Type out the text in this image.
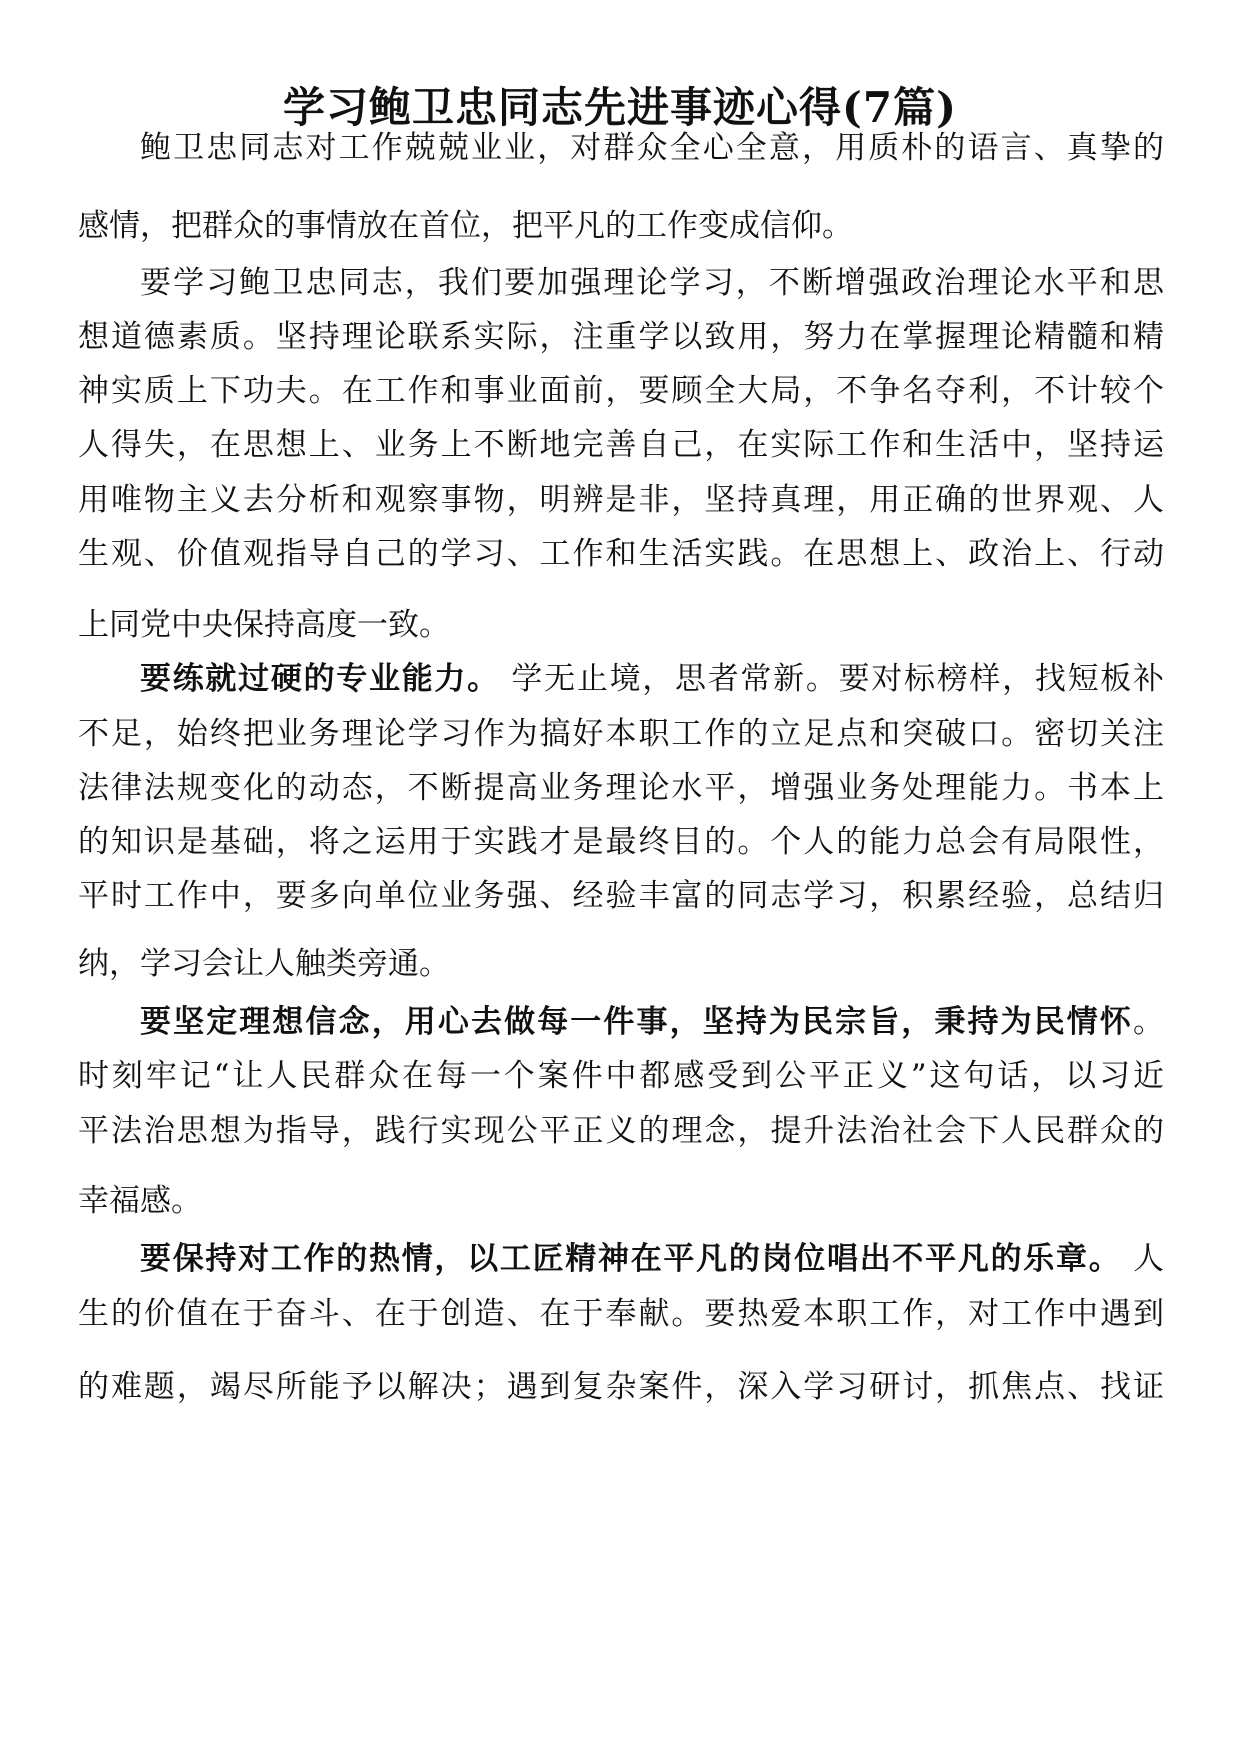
学习鲍卫忠同志先进事迹心得(7篇)
鲍卫忠同志对工作兢兢业业，对群众全心全意，用质朴的语言、真挚的
感情，把群众的事情放在首位，把平凡的工作变成信仰。
要学习鲍卫忠同志，我们要加强理论学习，不断增强政治理论水平和思
想道德素质。坚持理论联系实际，注重学以致用，努力在掌握理论精髓和精
神实质上下功夫。在工作和事业面前，要顾全大局，不争名夺利，不计较个
人得失，在思想上、业务上不断地完善自己，在实际工作和生活中，坚持运
用唯物主义去分析和观察事物，明辨是非，坚持真理，用正确的世界观、人
生观、价值观指导自己的学习、工作和生活实践。在思想上、政治上、行动
上同党中央保持高度一致。
要练就过硬的专业能力。 学无止境，思者常新。要对标榜样，找短板补
不足，始终把业务理论学习作为搞好本职工作的立足点和突破口。密切关注
法律法规变化的动态，不断提高业务理论水平，增强业务处理能力。书本上
的知识是基础，将之运用于实践才是最终目的。个人的能力总会有局限性，
平时工作中，要多向单位业务强、经验丰富的同志学习，积累经验，总结归
纳，学习会让人触类旁通。
要坚定理想信念，用心去做每一件事，坚持为民宗旨，秉持为民情怀。
时刻牢记“让人民群众在每一个案件中都感受到公平正义”这句话，以习近
平法治思想为指导，践行实现公平正义的理念，提升法治社会下人民群众的
幸福感。
要保持对工作的热情，以工匠精神在平凡的岗位唱出不平凡的乐章。 人
生的价值在于奋斗、在于创造、在于奉献。要热爱本职工作，对工作中遇到
的难题，竭尽所能予以解决；遇到复杂案件，深入学习研讨，抓焦点、找证
